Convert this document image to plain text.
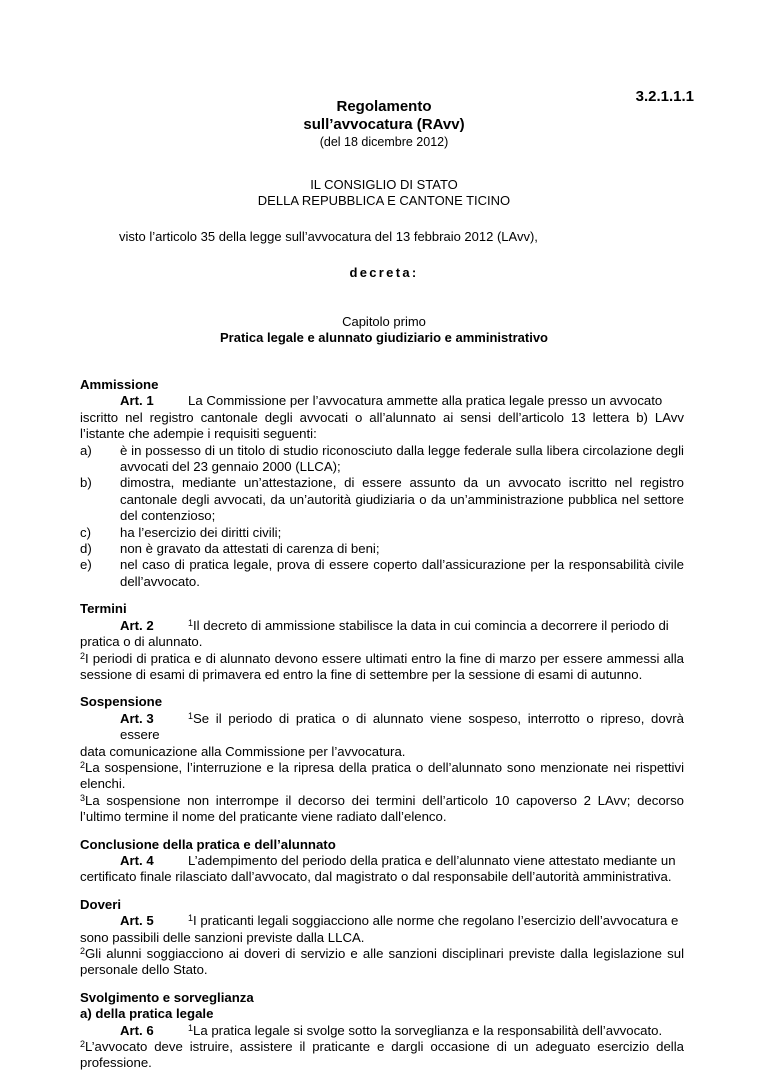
3.2.1.1.1
Regolamento
sull’avvocatura (RAvv)
(del 18 dicembre 2012)
IL CONSIGLIO DI STATO
DELLA REPUBBLICA E CANTONE TICINO
visto l’articolo 35 della legge sull’avvocatura del 13 febbraio 2012 (LAvv),
decreta:
Capitolo primo
Pratica legale e alunnato giudiziario e amministrativo
Ammissione
Art. 1	La Commissione per l’avvocatura ammette alla pratica legale presso un avvocato
iscritto nel registro cantonale degli avvocati o all’alunnato ai sensi dell’articolo 13 lettera b) LAvv l’istante che adempie i requisiti seguenti:
a)	è in possesso di un titolo di studio riconosciuto dalla legge federale sulla libera circolazione degli avvocati del 23 gennaio 2000 (LLCA);
b)	dimostra, mediante un’attestazione, di essere assunto da un avvocato iscritto nel registro cantonale degli avvocati, da un’autorità giudiziaria o da un’amministrazione pubblica nel settore del contenzioso;
c)	ha l’esercizio dei diritti civili;
d)	non è gravato da attestati di carenza di beni;
e)	nel caso di pratica legale, prova di essere coperto dall’assicurazione per la responsabilità civile dell’avvocato.
Termini
Art. 2	$^1$Il decreto di ammissione stabilisce la data in cui comincia a decorrere il periodo di
pratica o di alunnato.
$^2$I periodi di pratica e di alunnato devono essere ultimati entro la fine di marzo per essere ammessi alla sessione di esami di primavera ed entro la fine di settembre per la sessione di esami di autunno.
Sospensione
Art. 3	$^1$Se il periodo di pratica o di alunnato viene sospeso, interrotto o ripreso, dovrà essere
data comunicazione alla Commissione per l’avvocatura.
$^2$La sospensione, l’interruzione e la ripresa della pratica o dell’alunnato sono menzionate nei rispettivi elenchi.
$^3$La sospensione non interrompe il decorso dei termini dell’articolo 10 capoverso 2 LAvv; decorso l’ultimo termine il nome del praticante viene radiato dall’elenco.
Conclusione della pratica e dell’alunnato
Art. 4	L’adempimento del periodo della pratica e dell’alunnato viene attestato mediante un
certificato finale rilasciato dall’avvocato, dal magistrato o dal responsabile dell’autorità amministrativa.
Doveri
Art. 5	$^1$I praticanti legali soggiacciono alle norme che regolano l’esercizio dell’avvocatura e
sono passibili delle sanzioni previste dalla LLCA.
$^2$Gli alunni soggiacciono ai doveri di servizio e alle sanzioni disciplinari previste dalla legislazione sul personale dello Stato.
Svolgimento e sorveglianza
a) della pratica legale
Art. 6	$^1$La pratica legale si svolge sotto la sorveglianza e la responsabilità dell’avvocato.
$^2$L’avvocato deve istruire, assistere il praticante e dargli occasione di un adeguato esercizio della professione.
